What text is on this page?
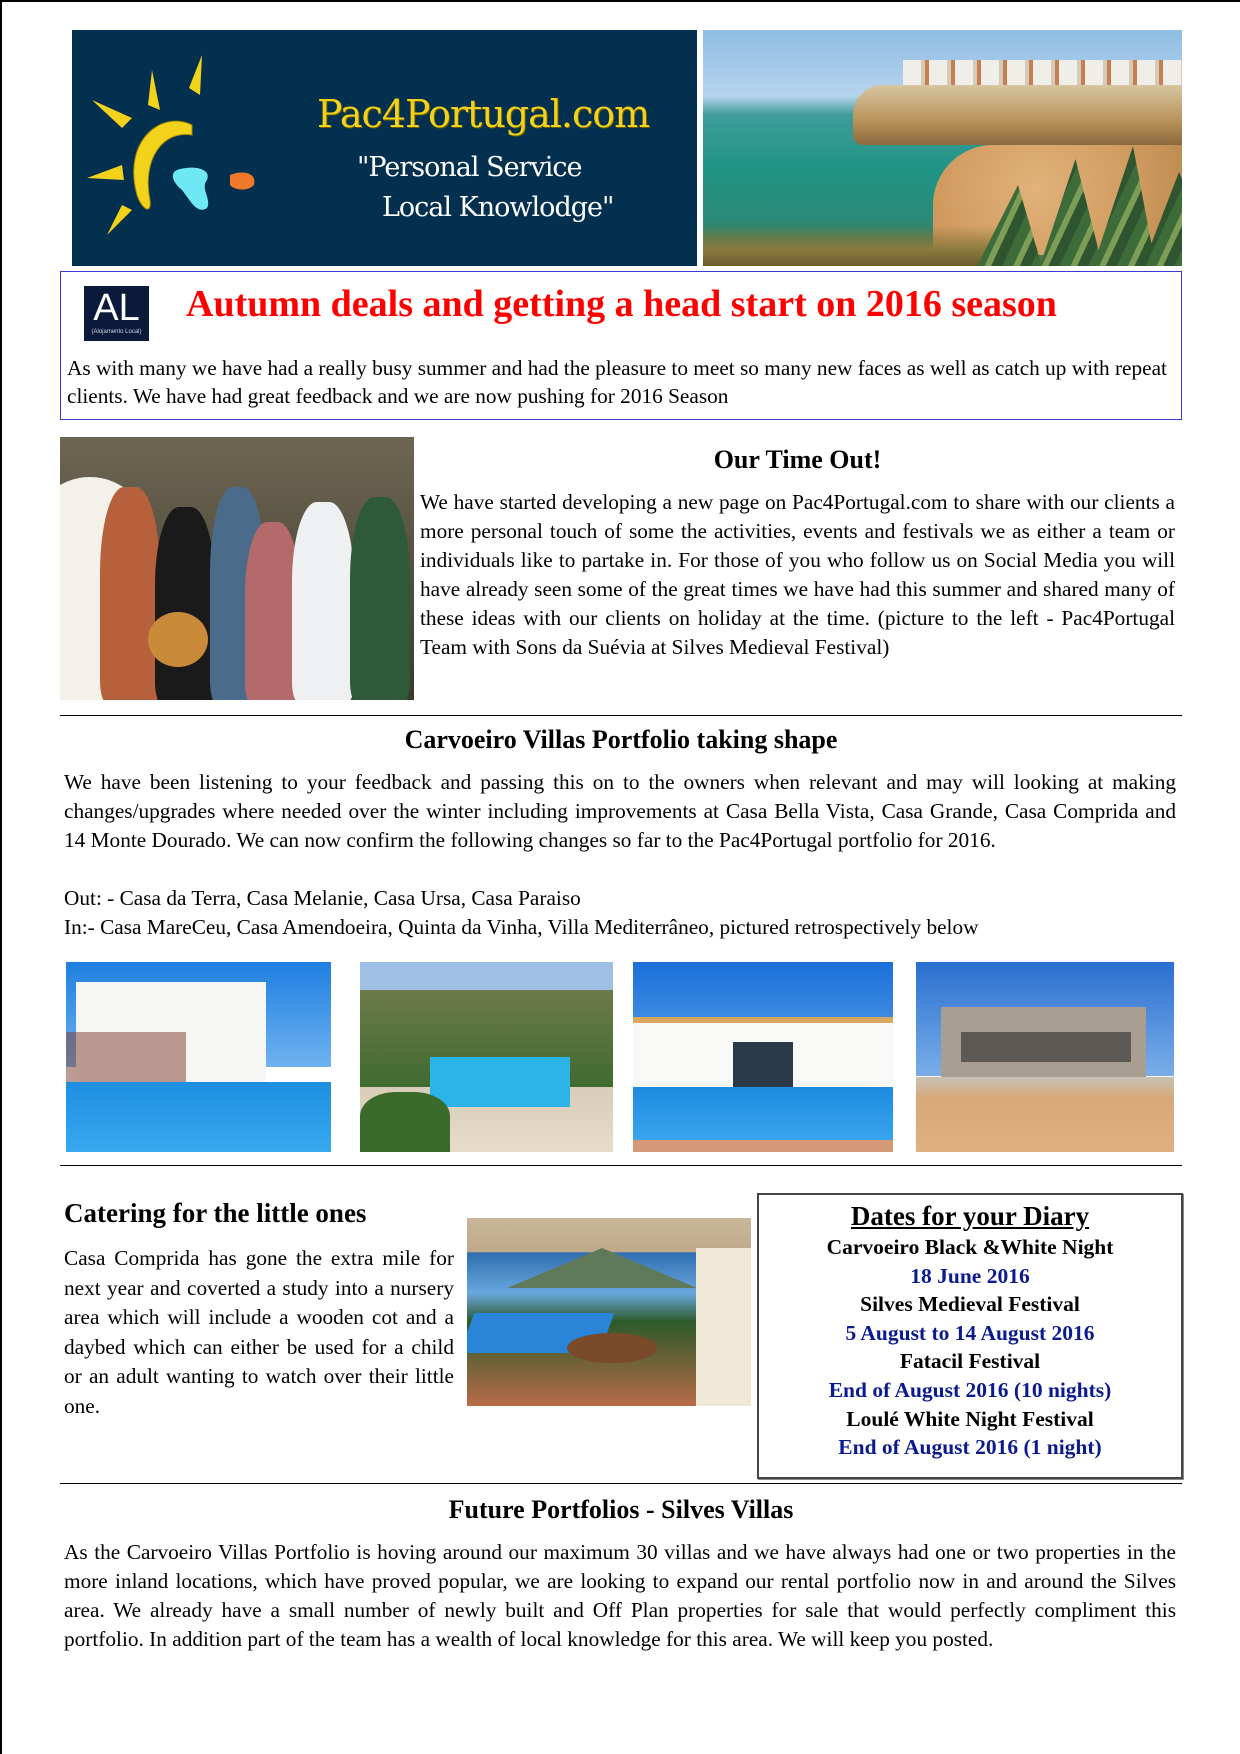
Pac4Portugal.com
"Personal Service
Local Knowlodge"
AL
(Alojamento Local)
Autumn deals and getting a head start on 2016 season
As with many we have had a really busy summer and had the pleasure to meet so many new faces as well as catch up with repeat clients. We have had great feedback and we are now pushing for 2016 Season
Our Time Out!
We have started developing a new page on Pac4Portugal.com to share with our clients a more personal touch of some the activities, events and festivals we as either a team or individuals like to partake in. For those of you who follow us on Social Media you will have already seen some of the great times we have had this summer and shared many of these ideas with our clients on holiday at the time. (picture to the left - Pac4Portugal Team with Sons da Suévia at Silves Medieval Festival)
Carvoeiro Villas Portfolio taking shape
We have been listening to your feedback and passing this on to the owners when relevant and may will looking at making changes/upgrades where needed over the winter including improvements at Casa Bella Vista, Casa Grande, Casa Comprida and 14 Monte Dourado. We can now confirm the following changes so far to the Pac4Portugal portfolio for 2016.
Out: - Casa da Terra, Casa Melanie, Casa Ursa, Casa Paraiso
In:- Casa MareCeu, Casa Amendoeira, Quinta da Vinha, Villa Mediterrâneo, pictured retrospectively below
Catering for the little ones
Casa Comprida has gone the extra mile for next year and coverted a study into a nursery area which will include a wooden cot and a daybed which can either be used for a child or an adult wanting to watch over their little one.
Dates for your Diary
Carvoeiro Black &White Night
18 June 2016
Silves Medieval Festival
5 August to 14 August 2016
Fatacil Festival
End of August 2016 (10 nights)
Loulé White Night Festival
End of August 2016 (1 night)
Future Portfolios - Silves Villas
As the Carvoeiro Villas Portfolio is hoving around our maximum 30 villas and we have always had one or two properties in the more inland locations, which have proved popular, we are looking to expand our rental portfolio now in and around the Silves area. We already have a small number of newly built and Off Plan properties for sale that would perfectly compliment this portfolio. In addition part of the team has a wealth of local knowledge for this area. We will keep you posted.
